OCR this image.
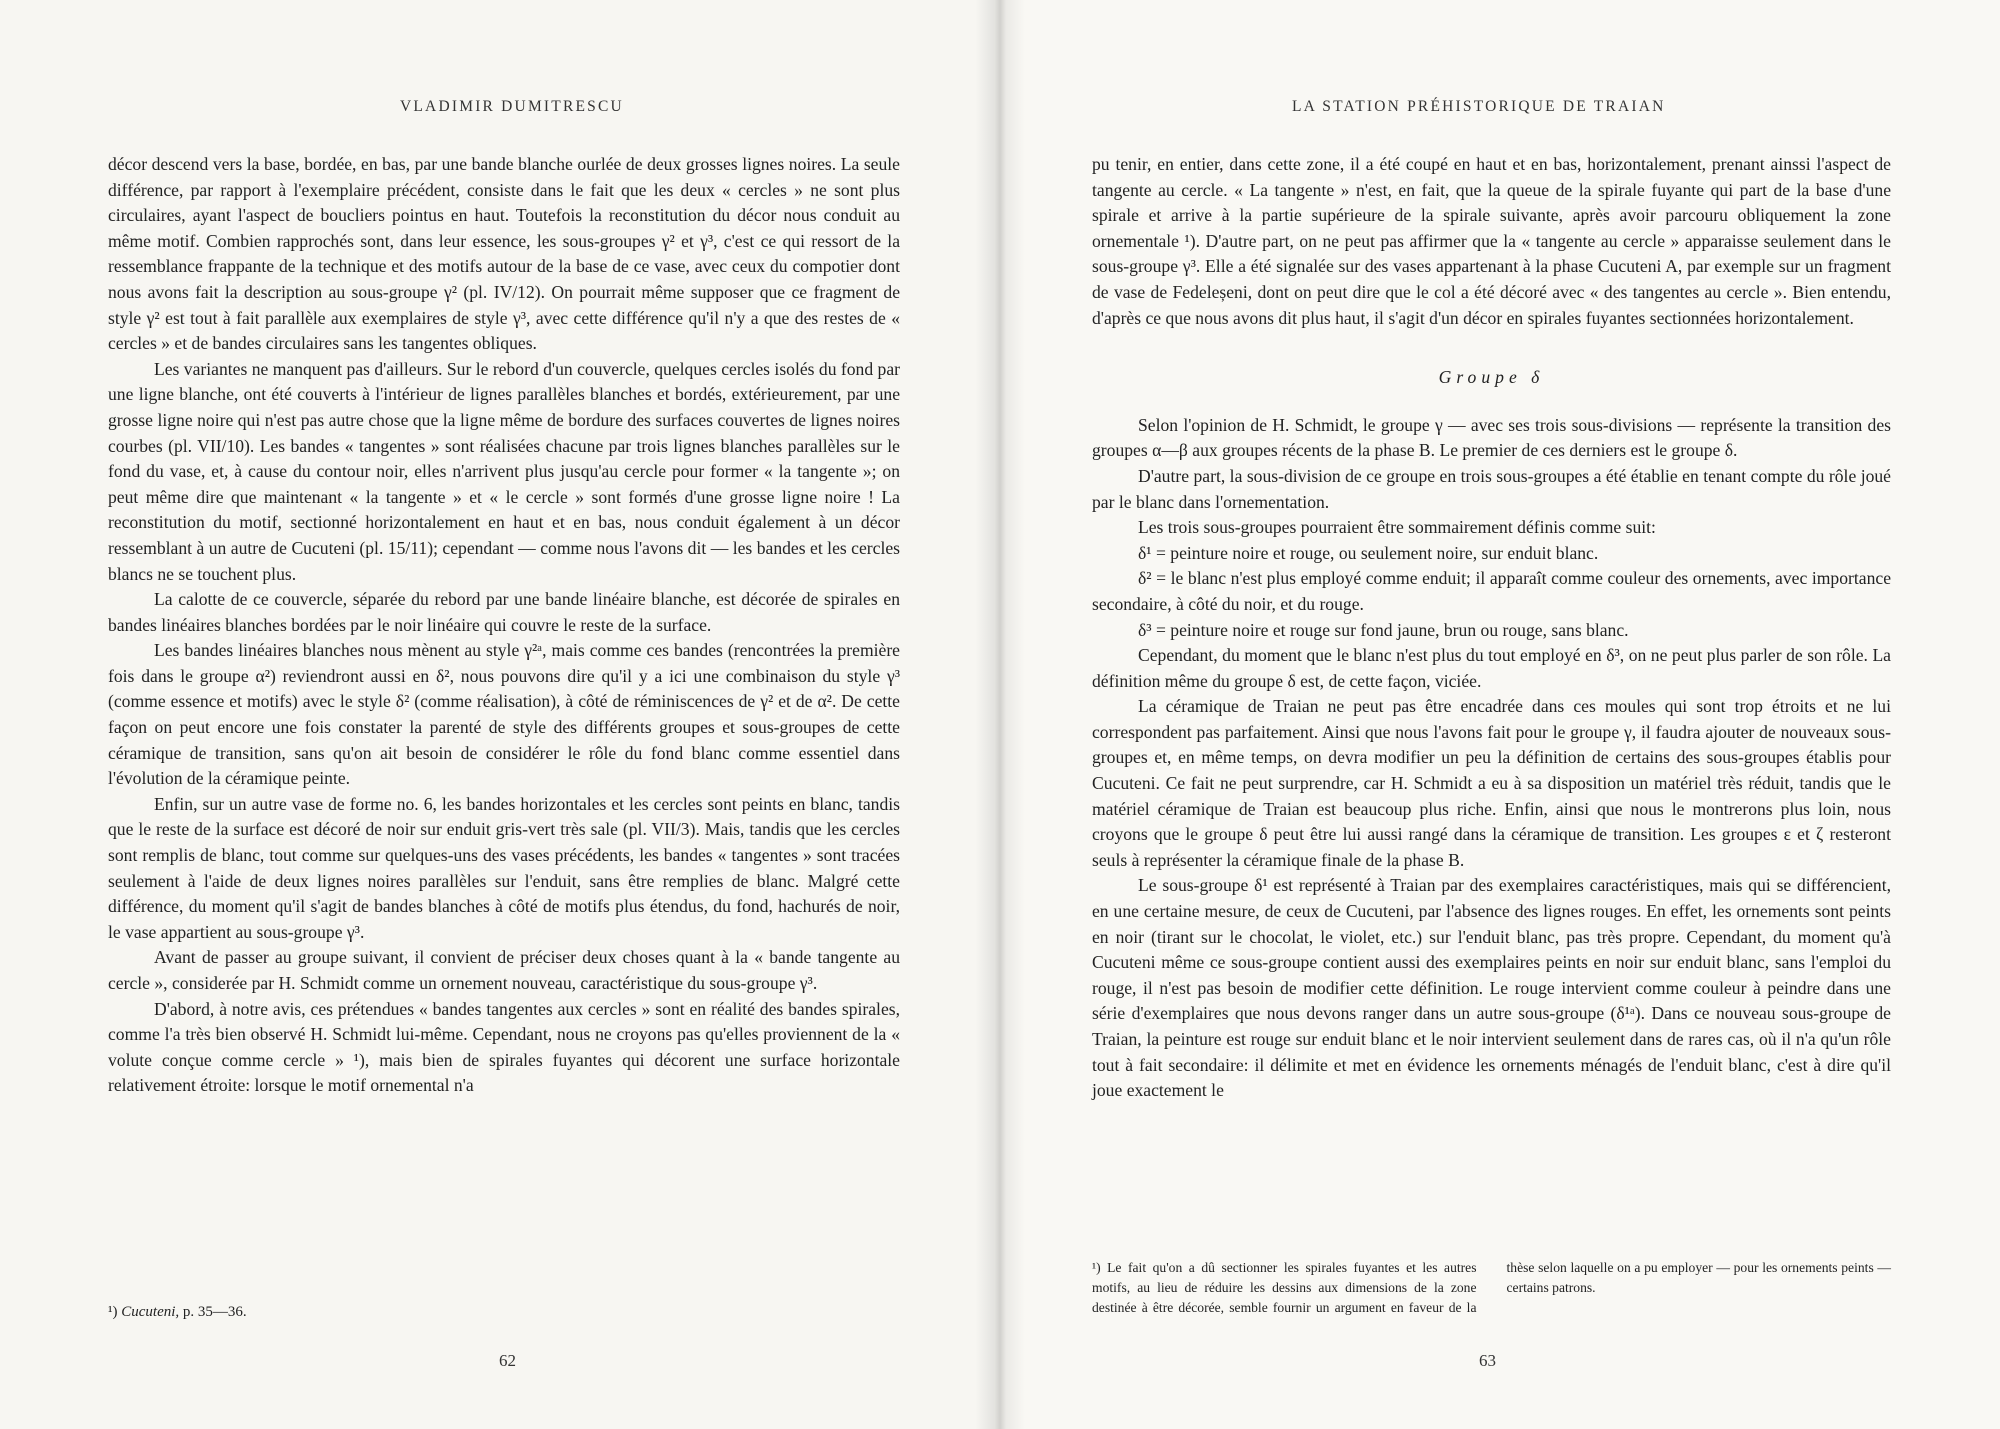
VLADIMIR DUMITRESCU

décor descend vers la base, bordée, en bas, par une bande blanche ourlée de deux grosses lignes noires. La seule différence, par rapport à l'exemplaire précédent, consiste dans le fait que les deux « cercles » ne sont plus circulaires, ayant l'aspect de boucliers pointus en haut. Toutefois la reconstitution du décor nous conduit au même motif. Combien rapprochés sont, dans leur essence, les sous-groupes γ² et γ³, c'est ce qui ressort de la ressemblance frappante de la technique et des motifs autour de la base de ce vase, avec ceux du compotier dont nous avons fait la description au sous-groupe γ² (pl. IV/12). On pourrait même supposer que ce fragment de style γ² est tout à fait parallèle aux exemplaires de style γ³, avec cette différence qu'il n'y a que des restes de « cercles » et de bandes circulaires sans les tangentes obliques.

Les variantes ne manquent pas d'ailleurs. Sur le rebord d'un couvercle, quelques cercles isolés du fond par une ligne blanche, ont été couverts à l'intérieur de lignes parallèles blanches et bordés, extérieurement, par une grosse ligne noire qui n'est pas autre chose que la ligne même de bordure des surfaces couvertes de lignes noires courbes (pl. VII/10). Les bandes « tangentes » sont réalisées chacune par trois lignes blanches parallèles sur le fond du vase, et, à cause du contour noir, elles n'arrivent plus jusqu'au cercle pour former « la tangente »; on peut même dire que maintenant « la tangente » et « le cercle » sont formés d'une grosse ligne noire ! La reconstitution du motif, sectionné horizontalement en haut et en bas, nous conduit également à un décor ressemblant à un autre de Cucuteni (pl. 15/11); cependant — comme nous l'avons dit — les bandes et les cercles blancs ne se touchent plus.

La calotte de ce couvercle, séparée du rebord par une bande linéaire blanche, est décorée de spirales en bandes linéaires blanches bordées par le noir linéaire qui couvre le reste de la surface.

Les bandes linéaires blanches nous mènent au style γ²ᵃ, mais comme ces bandes (rencontrées la première fois dans le groupe α²) reviendront aussi en δ², nous pouvons dire qu'il y a ici une combinaison du style γ³ (comme essence et motifs) avec le style δ² (comme réalisation), à côté de réminiscences de γ² et de α². De cette façon on peut encore une fois constater la parenté de style des différents groupes et sous-groupes de cette céramique de transition, sans qu'on ait besoin de considérer le rôle du fond blanc comme essentiel dans l'évolution de la céramique peinte.

Enfin, sur un autre vase de forme no. 6, les bandes horizontales et les cercles sont peints en blanc, tandis que le reste de la surface est décoré de noir sur enduit gris-vert très sale (pl. VII/3). Mais, tandis que les cercles sont remplis de blanc, tout comme sur quelques-uns des vases précédents, les bandes « tangentes » sont tracées seulement à l'aide de deux lignes noires parallèles sur l'enduit, sans être remplies de blanc. Malgré cette différence, du moment qu'il s'agit de bandes blanches à côté de motifs plus étendus, du fond, hachurés de noir, le vase appartient au sous-groupe γ³.

Avant de passer au groupe suivant, il convient de préciser deux choses quant à la « bande tangente au cercle », considerée par H. Schmidt comme un ornement nouveau, caractéristique du sous-groupe γ³.

D'abord, à notre avis, ces prétendues « bandes tangentes aux cercles » sont en réalité des bandes spirales, comme l'a très bien observé H. Schmidt lui-même. Cependant, nous ne croyons pas qu'elles proviennent de la « volute conçue comme cercle » ¹), mais bien de spirales fuyantes qui décorent une surface horizontale relativement étroite: lorsque le motif ornemental n'a

¹) Cucuteni, p. 35—36.
62
LA STATION PRÉHISTORIQUE DE TRAIAN

pu tenir, en entier, dans cette zone, il a été coupé en haut et en bas, horizontalement, prenant ainssi l'aspect de tangente au cercle. « La tangente » n'est, en fait, que la queue de la spirale fuyante qui part de la base d'une spirale et arrive à la partie supérieure de la spirale suivante, après avoir parcouru obliquement la zone ornementale ¹). D'autre part, on ne peut pas affirmer que la « tangente au cercle » apparaisse seulement dans le sous-groupe γ³. Elle a été signalée sur des vases appartenant à la phase Cucuteni A, par exemple sur un fragment de vase de Fedeleșeni, dont on peut dire que le col a été décoré avec « des tangentes au cercle ». Bien entendu, d'après ce que nous avons dit plus haut, il s'agit d'un décor en spirales fuyantes sectionnées horizontalement.

Groupe δ

Selon l'opinion de H. Schmidt, le groupe γ — avec ses trois sous-divisions — représente la transition des groupes α—β aux groupes récents de la phase B. Le premier de ces derniers est le groupe δ.

D'autre part, la sous-division de ce groupe en trois sous-groupes a été établie en tenant compte du rôle joué par le blanc dans l'ornementation.

Les trois sous-groupes pourraient être sommairement définis comme suit:

δ¹ = peinture noire et rouge, ou seulement noire, sur enduit blanc.

δ² = le blanc n'est plus employé comme enduit; il apparaît comme couleur des ornements, avec importance secondaire, à côté du noir, et du rouge.

δ³ = peinture noire et rouge sur fond jaune, brun ou rouge, sans blanc.

Cependant, du moment que le blanc n'est plus du tout employé en δ³, on ne peut plus parler de son rôle. La définition même du groupe δ est, de cette façon, viciée.

La céramique de Traian ne peut pas être encadrée dans ces moules qui sont trop étroits et ne lui correspondent pas parfaitement. Ainsi que nous l'avons fait pour le groupe γ, il faudra ajouter de nouveaux sous-groupes et, en même temps, on devra modifier un peu la définition de certains des sous-groupes établis pour Cucuteni. Ce fait ne peut surprendre, car H. Schmidt a eu à sa disposition un matériel très réduit, tandis que le matériel céramique de Traian est beaucoup plus riche. Enfin, ainsi que nous le montrerons plus loin, nous croyons que le groupe δ peut être lui aussi rangé dans la céramique de transition. Les groupes ε et ζ resteront seuls à représenter la céramique finale de la phase B.

Le sous-groupe δ¹ est représenté à Traian par des exemplaires caractéristiques, mais qui se différencient, en une certaine mesure, de ceux de Cucuteni, par l'absence des lignes rouges. En effet, les ornements sont peints en noir (tirant sur le chocolat, le violet, etc.) sur l'enduit blanc, pas très propre. Cependant, du moment qu'à Cucuteni même ce sous-groupe contient aussi des exemplaires peints en noir sur enduit blanc, sans l'emploi du rouge, il n'est pas besoin de modifier cette définition. Le rouge intervient comme couleur à peindre dans une série d'exemplaires que nous devons ranger dans un autre sous-groupe (δ¹ᵃ). Dans ce nouveau sous-groupe de Traian, la peinture est rouge sur enduit blanc et le noir intervient seulement dans de rares cas, où il n'a qu'un rôle tout à fait secondaire: il délimite et met en évidence les ornements ménagés de l'enduit blanc, c'est à dire qu'il joue exactement le

¹) Le fait qu'on a dû sectionner les spirales fuyantes et les autres motifs, au lieu de réduire les dessins aux dimensions de la zone destinée à être décorée, semble fournir un argument en faveur de la thèse selon laquelle on a pu employer — pour les ornements peints — certains patrons.
63
